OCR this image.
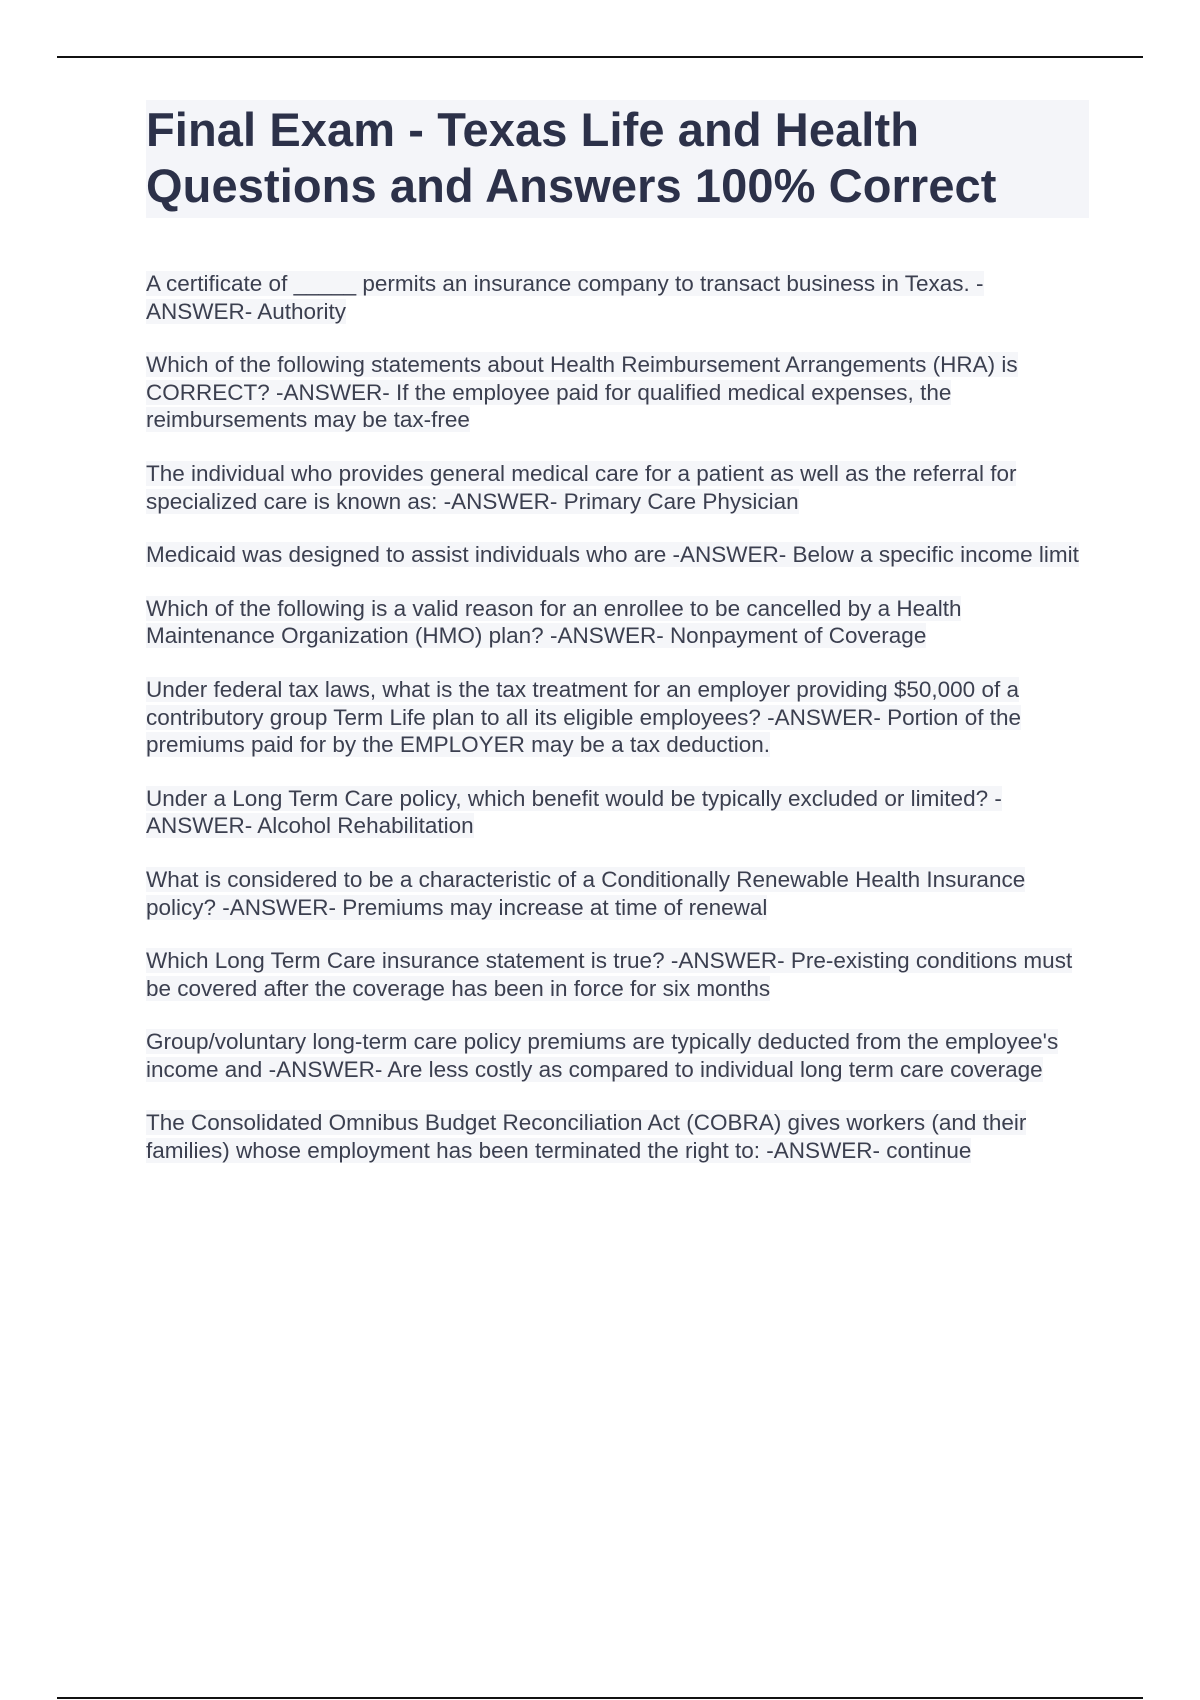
Final Exam - Texas Life and Health Questions and Answers 100% Correct

A certificate of _____ permits an insurance company to transact business in Texas. -ANSWER- Authority

Which of the following statements about Health Reimbursement Arrangements (HRA) is CORRECT? -ANSWER- If the employee paid for qualified medical expenses, the reimbursements may be tax-free

The individual who provides general medical care for a patient as well as the referral for specialized care is known as: -ANSWER- Primary Care Physician

Medicaid was designed to assist individuals who are -ANSWER- Below a specific income limit

Which of the following is a valid reason for an enrollee to be cancelled by a Health Maintenance Organization (HMO) plan? -ANSWER- Nonpayment of Coverage

Under federal tax laws, what is the tax treatment for an employer providing $50,000 of a contributory group Term Life plan to all its eligible employees? -ANSWER- Portion of the premiums paid for by the EMPLOYER may be a tax deduction.

Under a Long Term Care policy, which benefit would be typically excluded or limited? -ANSWER- Alcohol Rehabilitation

What is considered to be a characteristic of a Conditionally Renewable Health Insurance policy? -ANSWER- Premiums may increase at time of renewal

Which Long Term Care insurance statement is true? -ANSWER- Pre-existing conditions must be covered after the coverage has been in force for six months

Group/voluntary long-term care policy premiums are typically deducted from the employee's income and -ANSWER- Are less costly as compared to individual long term care coverage

The Consolidated Omnibus Budget Reconciliation Act (COBRA) gives workers (and their families) whose employment has been terminated the right to: -ANSWER- continue
